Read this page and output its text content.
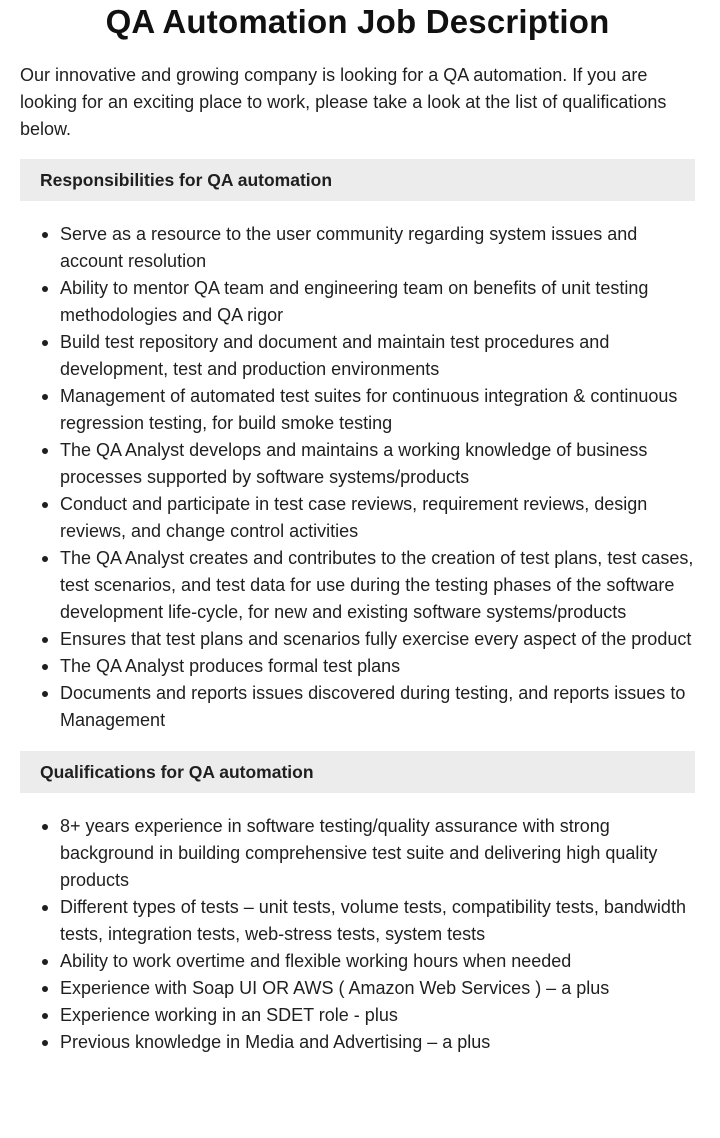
QA Automation Job Description

Our innovative and growing company is looking for a QA automation. If you are looking for an exciting place to work, please take a look at the list of qualifications below.

Responsibilities for QA automation
Serve as a resource to the user community regarding system issues and account resolution
Ability to mentor QA team and engineering team on benefits of unit testing methodologies and QA rigor
Build test repository and document and maintain test procedures and development, test and production environments
Management of automated test suites for continuous integration & continuous regression testing, for build smoke testing
The QA Analyst develops and maintains a working knowledge of business processes supported by software systems/products
Conduct and participate in test case reviews, requirement reviews, design reviews, and change control activities
The QA Analyst creates and contributes to the creation of test plans, test cases, test scenarios, and test data for use during the testing phases of the software development life-cycle, for new and existing software systems/products
Ensures that test plans and scenarios fully exercise every aspect of the product
The QA Analyst produces formal test plans
Documents and reports issues discovered during testing, and reports issues to Management
Qualifications for QA automation
8+ years experience in software testing/quality assurance with strong background in building comprehensive test suite and delivering high quality products
Different types of tests – unit tests, volume tests, compatibility tests, bandwidth tests, integration tests, web-stress tests, system tests
Ability to work overtime and flexible working hours when needed
Experience with Soap UI OR AWS ( Amazon Web Services ) – a plus
Experience working in an SDET role - plus
Previous knowledge in Media and Advertising – a plus
